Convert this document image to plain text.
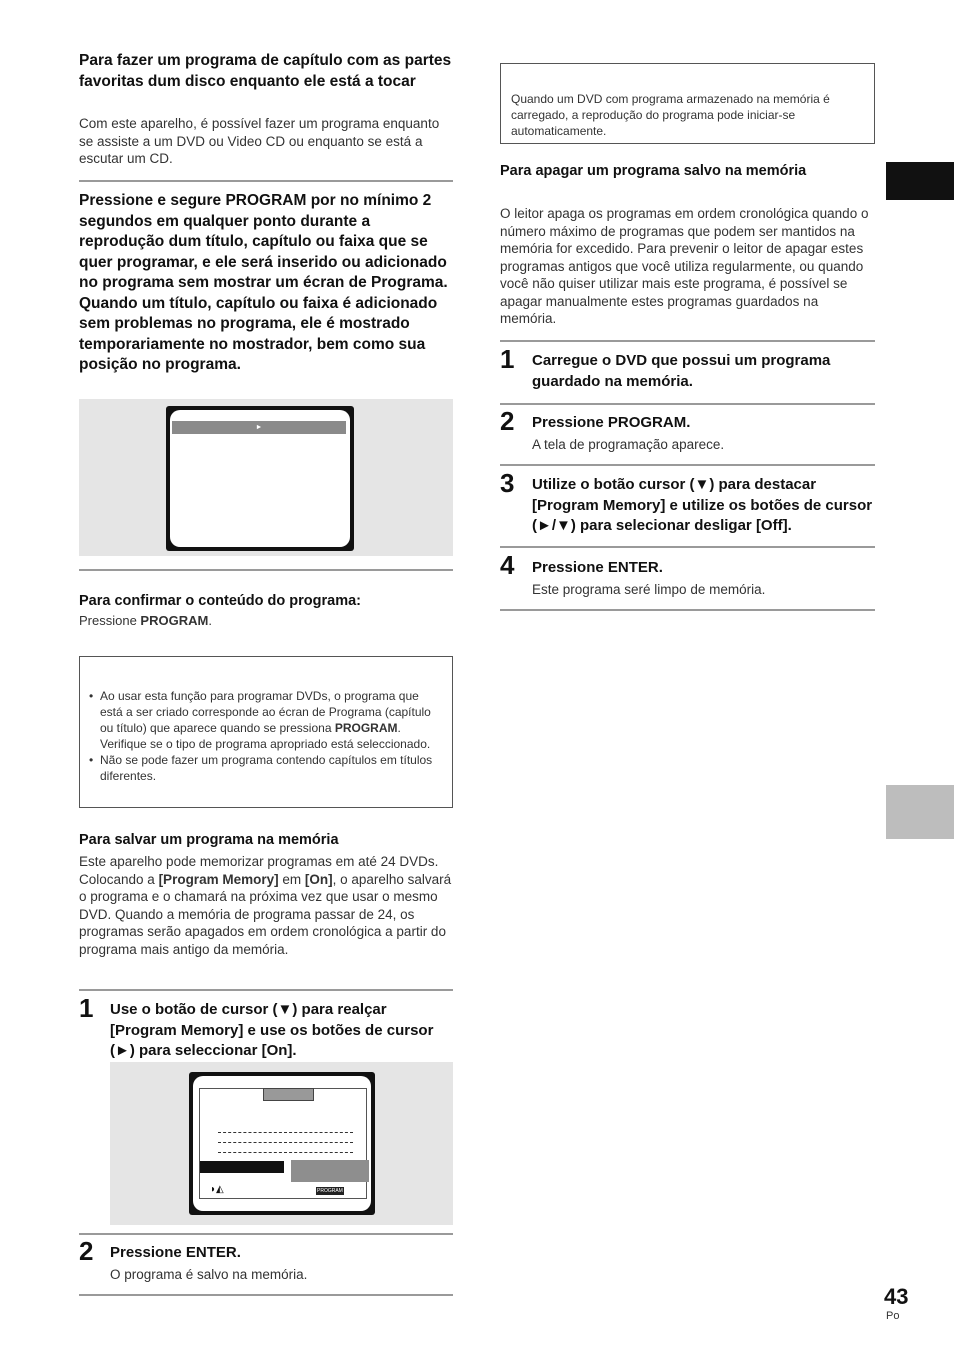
Para fazer um programa de capítulo com as partes favoritas dum disco enquanto ele está a tocar

Com este aparelho, é possível fazer um programa enquanto se assiste a um DVD ou Video CD ou enquanto se está a escutar um CD.

Pressione e segure PROGRAM por no mínimo 2 segundos em qualquer ponto durante a reprodução dum título, capítulo ou faixa que se quer programar, e ele será inserido ou adicionado no programa sem mostrar um écran de Programa. Quando um título, capítulo ou faixa é adicionado sem problemas no programa, ele é mostrado temporariamente no mostrador, bem como sua posição no programa.

►

Para confirmar o conteúdo do programa:

Pressione PROGRAM.

• Ao usar esta função para programar DVDs, o programa que está a ser criado corresponde ao écran de Programa (capítulo ou título) que aparece quando se pressiona PROGRAM. Verifique se o tipo de programa apropriado está seleccionado.
• Não se pode fazer um programa contendo capítulos em títulos diferentes.

Para salvar um programa na memória

Este aparelho pode memorizar programas em até 24 DVDs. Colocando a [Program Memory] em [On], o aparelho salvará o programa e o chamará na próxima vez que usar o mesmo DVD. Quando a memória de programa passar de 24, os programas serão apagados em ordem cronológica a partir do programa mais antigo da memória.

1 Use o botão de cursor (▼) para realçar [Program Memory] e use os botões de cursor (►) para seleccionar [On].
◗◭	PROGRAM
2 Pressione ENTER.
O programa é salvo na memória.
Quando um DVD com programa armazenado na memória é carregado, a reprodução do programa pode iniciar-se automaticamente.

Para apagar um programa salvo na memória

O leitor apaga os programas em ordem cronológica quando o número máximo de programas que podem ser mantidos na memória for excedido. Para prevenir o leitor de apagar estes programas antigos que você utiliza regularmente, ou quando você não quiser utilizar mais este programa, é possível se apagar manualmente estes programas guardados na memória.

1 Carregue o DVD que possui um programa guardado na memória.
2 Pressione PROGRAM.
A tela de programação aparece.
3 Utilize o botão cursor (▼) para destacar [Program Memory] e utilize os botões de cursor (►/▼) para selecionar desligar [Off].
4 Pressione ENTER.
Este programa seré limpo de memória.
43
Po
